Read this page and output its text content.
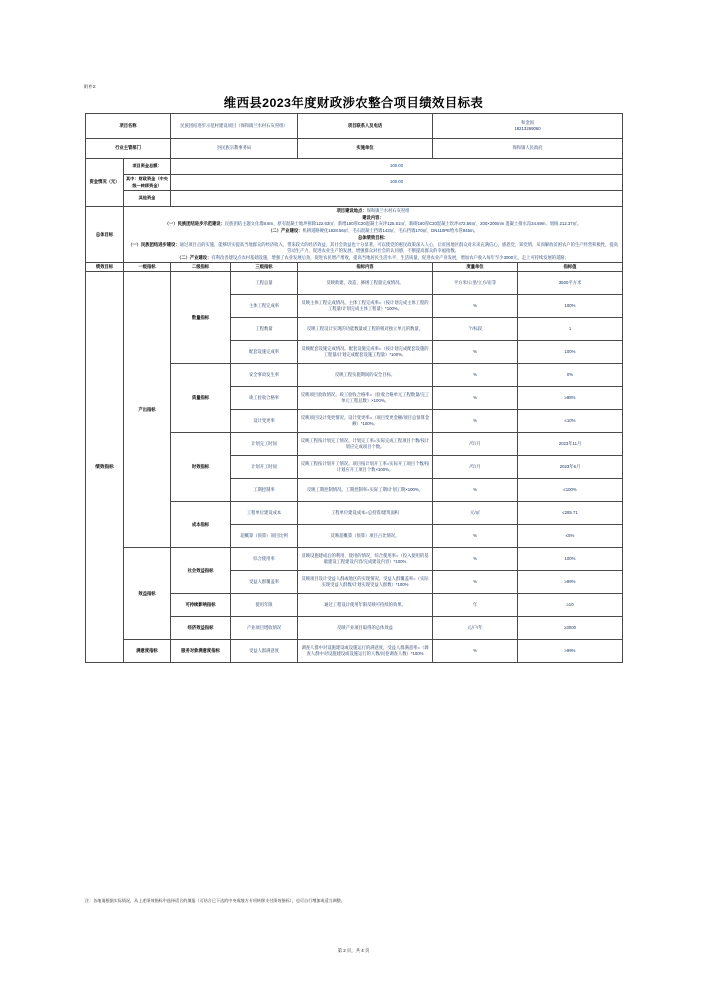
附件2:
维西县2023年度财政涉农整合项目绩效目标表
项目名称		民族团结进步示范村建设项目（保和镇兰水村石灰窑组）		项目联系人及电话	和金国
18213269060	
行业主管部门		县民族宗教事务局		实施单位	保和镇人民政府	
资金情况（元）	项目资金总额：	100.00				
	其中：财政资金（中央级—转移资金）	100.00				
	其他资金					
总体目标	

项目建设地点：保和镇兰水村石灰窑组

建设内容：

（一）民族团结进步示范建设：民族团结主题文化墙8.8m、原有混凝土地坪拆除122.63㎡、新增150厚C20混凝土灰坪125.51㎡、新砌180厚C20混凝土坎坪472.56㎡、200×200mm 混凝土排水沟34.69m、划线 212.37㎡。

（二）产业建设：机耕道路硬化1828.56㎡、毛石混凝土挡墙143㎡、毛石挡墙170㎡、DN110PE给水管845m。

总体绩效目标：

（一）民族团结进步建设：通过项目点的实施，能够切实提高当地群众的经济收入，带来较大的经济效益，其社会效益也十分显著，可以使党的惠民政策深入人心，让贫困地区群众对未来充满信心、感恩党、知党情，从而解放贫困农户的生产经营积极性，提高劳动生产力，促进农业生产的发展，增强群众对社会的认同感，不断提高群众的幸福指数。

（二）产业建设：有利改善建设点农村基础设施，增强了农业发展后劲，促进农民增产增收，提高当地居民生活水平、生活质量，促进农业产业发展，增加农户收入每年至少3000元，走上可持续发展的道路；

绩效目标	一级指标	二级指标	三级指标	指标内容	度量单位	指标值
绩效指标	产出指标	数量指标	工程总量	反映新建、改造、修缮工程量完成情况。	平方米/公里/立方/亩等	3500平方米
			主体工程完成率	反映主体工程完成情况。主体工程完成率=（按计划完成主体工程的工程量/计划完成主体工程量）*100%。	%	100%
			工程数量	反映工程设计实现的功能数量或工程的相对独立单元的数量。	个/标段	1
			配套设施完成率	反映配套设施完成情况。配套设施完成率=（按计划完成配套设施的工程量/计划完成配套设施工程量）*100%。	%	100%
		质量指标	安全事故发生率	反映工程实施期间的安全目标。	%	0%
			竣工验收合格率	反映项目验收情况。竣工验收合格率=（验收合格单元工程数量/完工单元工程总数）×100%。	%	≥98%
			设计变更率	反映项目设计变更情况。设计变更率=（项目变更金额/项目总预算金额）*100%。	%	≤10%
		时效指标	计划完工时间	反映工程按计划完工情况。计划完工率=实际完成工程项目个数/按计划应完成项目个数。	/年/月	2023年11月
			计划开工时间	反映工程按计划开工情况。项目按计划开工率=实际开工项目个数/按计划应开工项目个数×100%。	/年/月	2023年6月
			工期控制率	反映工期控制情况。工期控制率=实际工期/计划工期×100%。	%	≤100%
		成本指标	工程单位建设成本	工程单位建设成本=总投资/建筑面积	元/㎡	≤285.71
			超概算（预算）项目比例	反映超概算（预算）项目占比情况。	%	≤5%
	效益指标	社会效益指标	综合使用率	反映设施建成后的利用、使用的情况，综合使用率=（投入使用的基础建设工程建设内容/完成建设内容）*100%	%	100%
			受益人群覆盖率	反映项目设计受益人群或地区的实现情况。受益人群覆盖率=（实际实现受益人群数/计划实现受益人群数）*100%	%	≥99%
		可持续影响指标	使用年限	通过工程设计使用年限反映可持续的效果。	年	≥10
		经济效益指标	产业项目增收情况	反映产业项目取得的总体效益	元/户/年	≥3000
	满意度指标	服务对象满意度指标	受益人群满意度	调查人群中对设施建设或设施运行的满意度，受益人群满意率=（调查人群中对设施建设或设施运行的人数/问卷调查人数）*100%	%	≥99%
注：各地请根据实际情况，从上述绩效指标中选择适合的填报（可结合已下达的中央或地方专项转移支付绩效指标），也可自行增加或适当调整。
第 2 页，共 4 页
